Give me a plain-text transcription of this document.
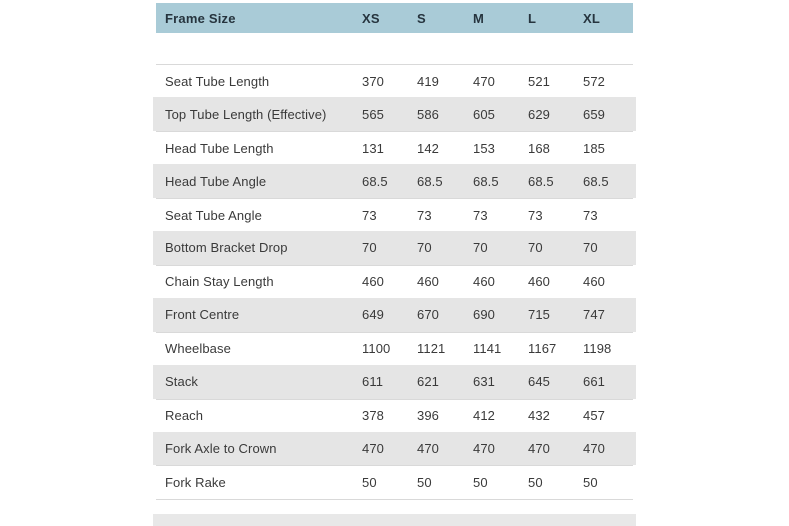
Frame Size	XS	S	M	L	XL
Seat Tube Length	370	419	470	521	572
Top Tube Length (Effective)	565	586	605	629	659
Head Tube Length	131	142	153	168	185
Head Tube Angle	68.5	68.5	68.5	68.5	68.5
Seat Tube Angle	73	73	73	73	73
Bottom Bracket Drop	70	70	70	70	70
Chain Stay Length	460	460	460	460	460
Front Centre	649	670	690	715	747
Wheelbase	1100	1121	1141	1167	1198
Stack	611	621	631	645	661
Reach	378	396	412	432	457
Fork Axle to Crown	470	470	470	470	470
Fork Rake	50	50	50	50	50
